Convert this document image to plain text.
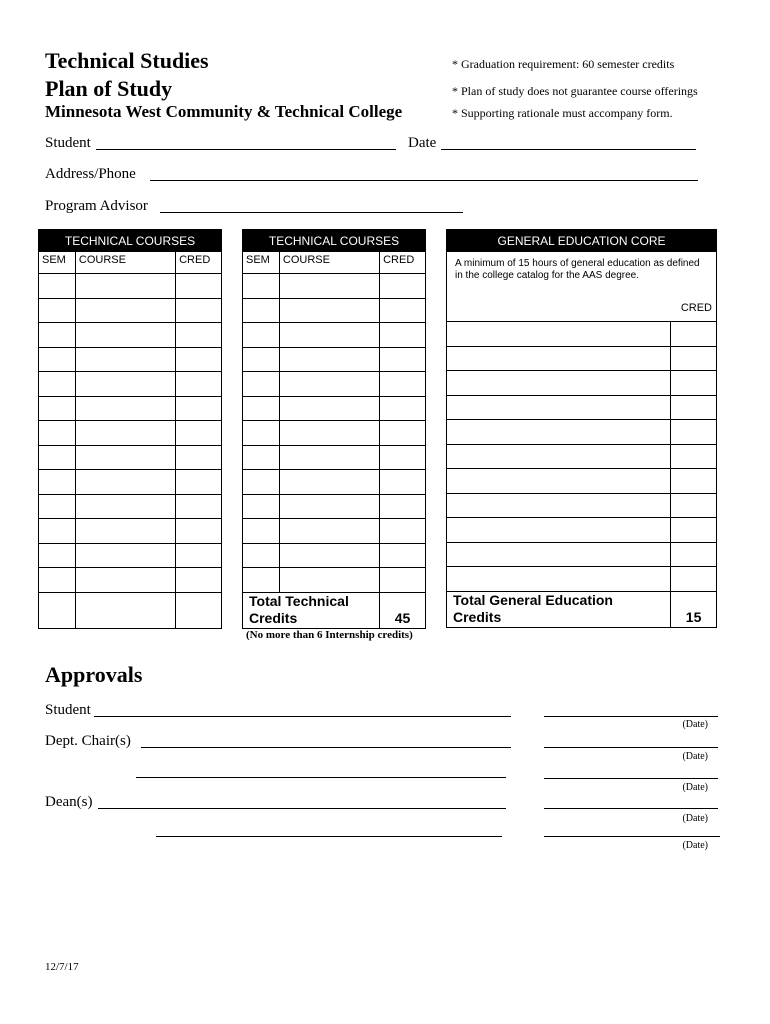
Technical Studies
Plan of Study
Minnesota West Community & Technical College
* Graduation requirement: 60 semester credits
* Plan of study does not guarantee course offerings
* Supporting rationale must accompany form.
Student	Date
Address/Phone
Program Advisor
TECHNICAL COURSES		
SEM	COURSE	CRED

TECHNICAL COURSES		
SEM	COURSE	CRED

Total Technical Credits		45
(No more than 6 Internship credits)
GENERAL EDUCATION CORE	

A minimum of 15 hours of general education as defined in the college catalog for the AAS degree.
CRED	

Total General Education Credits	15
Approvals
Student
(Date)
Dept. Chair(s)
(Date)
(Date)
Dean(s)
(Date)
(Date)
12/7/17
